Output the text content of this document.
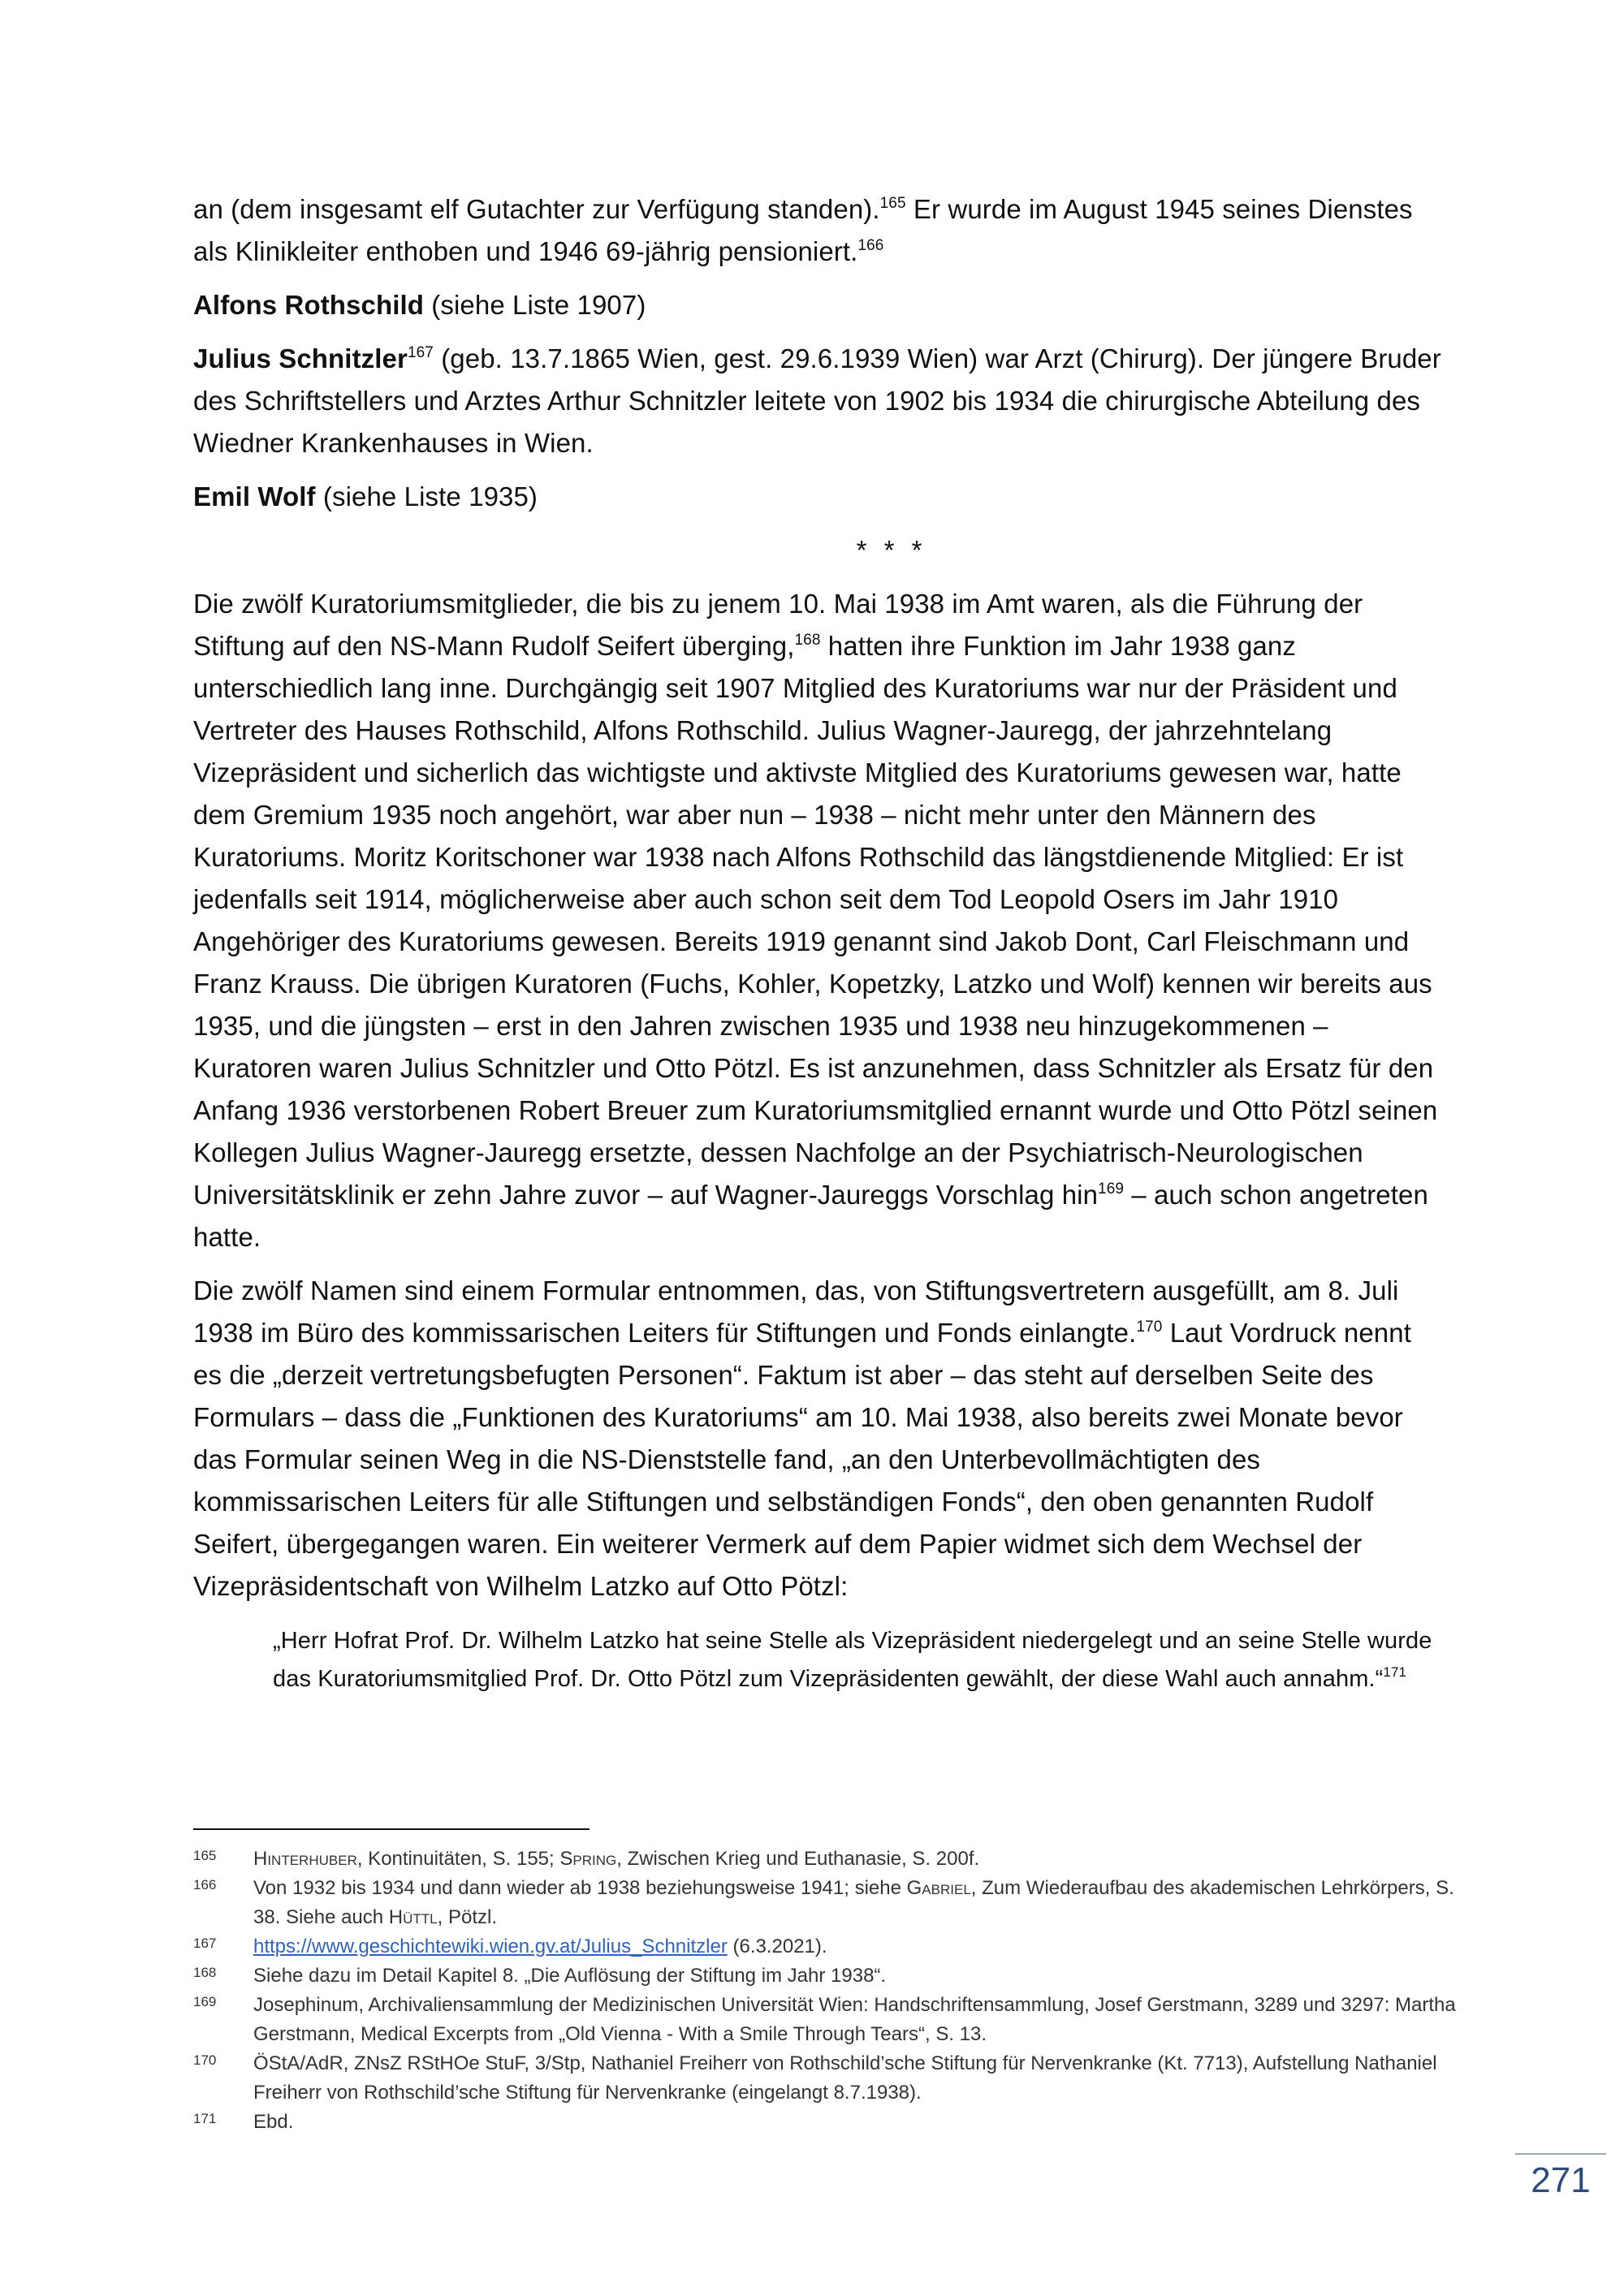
an (dem insgesamt elf Gutachter zur Verfügung standen).$^{165}$ Er wurde im August 1945 seines Dienstes als Klinikleiter enthoben und 1946 69-jährig pensioniert.$^{166}$

Alfons Rothschild (siehe Liste 1907)

Julius Schnitzler$^{167}$ (geb. 13.7.1865 Wien, gest. 29.6.1939 Wien) war Arzt (Chirurg). Der jüngere Bruder des Schriftstellers und Arztes Arthur Schnitzler leitete von 1902 bis 1934 die chirurgische Abteilung des Wiedner Krankenhauses in Wien.

Emil Wolf (siehe Liste 1935)

* * *

Die zwölf Kuratoriumsmitglieder, die bis zu jenem 10. Mai 1938 im Amt waren, als die Führung der Stiftung auf den NS-Mann Rudolf Seifert überging,$^{168}$ hatten ihre Funktion im Jahr 1938 ganz unterschiedlich lang inne. Durchgängig seit 1907 Mitglied des Kuratoriums war nur der Präsident und Vertreter des Hauses Rothschild, Alfons Rothschild. Julius Wagner-Jauregg, der jahrzehntelang Vizepräsident und sicherlich das wichtigste und aktivste Mitglied des Kuratoriums gewesen war, hatte dem Gremium 1935 noch angehört, war aber nun – 1938 – nicht mehr unter den Männern des Kuratoriums. Moritz Koritschoner war 1938 nach Alfons Rothschild das längstdienende Mitglied: Er ist jedenfalls seit 1914, möglicherweise aber auch schon seit dem Tod Leopold Osers im Jahr 1910 Angehöriger des Kuratoriums gewesen. Bereits 1919 genannt sind Jakob Dont, Carl Fleischmann und Franz Krauss. Die übrigen Kuratoren (Fuchs, Kohler, Kopetzky, Latzko und Wolf) kennen wir bereits aus 1935, und die jüngsten – erst in den Jahren zwischen 1935 und 1938 neu hinzugekommenen – Kuratoren waren Julius Schnitzler und Otto Pötzl. Es ist anzunehmen, dass Schnitzler als Ersatz für den Anfang 1936 verstorbenen Robert Breuer zum Kuratoriumsmitglied ernannt wurde und Otto Pötzl seinen Kollegen Julius Wagner-Jauregg ersetzte, dessen Nachfolge an der Psychiatrisch-Neurologischen Universitätsklinik er zehn Jahre zuvor – auf Wagner-Jaureggs Vorschlag hin$^{169}$ – auch schon angetreten hatte.

Die zwölf Namen sind einem Formular entnommen, das, von Stiftungsvertretern ausgefüllt, am 8. Juli 1938 im Büro des kommissarischen Leiters für Stiftungen und Fonds einlangte.$^{170}$ Laut Vordruck nennt es die „derzeit vertretungsbefugten Personen“. Faktum ist aber – das steht auf derselben Seite des Formulars – dass die „Funktionen des Kuratoriums“ am 10. Mai 1938, also bereits zwei Monate bevor das Formular seinen Weg in die NS-Dienststelle fand, „an den Unterbevollmächtigten des kommissarischen Leiters für alle Stiftungen und selbständigen Fonds“, den oben genannten Rudolf Seifert, übergegangen waren. Ein weiterer Vermerk auf dem Papier widmet sich dem Wechsel der Vizepräsidentschaft von Wilhelm Latzko auf Otto Pötzl:

„Herr Hofrat Prof. Dr. Wilhelm Latzko hat seine Stelle als Vizepräsident niedergelegt und an seine Stelle wurde das Kuratoriumsmitglied Prof. Dr. Otto Pötzl zum Vizepräsidenten gewählt, der diese Wahl auch annahm.“$^{171}$

165	Hinterhuber, Kontinuitäten, S. 155; Spring, Zwischen Krieg und Euthanasie, S. 200f.
166	Von 1932 bis 1934 und dann wieder ab 1938 beziehungsweise 1941; siehe Gabriel, Zum Wiederaufbau des akademischen Lehrkörpers, S. 38. Siehe auch Hüttl, Pötzl.
167	https://www.geschichtewiki.wien.gv.at/Julius_Schnitzler (6.3.2021).
168	Siehe dazu im Detail Kapitel 8. „Die Auflösung der Stiftung im Jahr 1938“.
169	Josephinum, Archivaliensammlung der Medizinischen Universität Wien: Handschriftensammlung, Josef Gerstmann, 3289 und 3297: Martha Gerstmann, Medical Excerpts from „Old Vienna - With a Smile Through Tears“, S. 13.
170	ÖStA/AdR, ZNsZ RStHOe StuF, 3/Stp, Nathaniel Freiherr von Rothschild’sche Stiftung für Nervenkranke (Kt. 7713), Aufstellung Nathaniel Freiherr von Rothschild’sche Stiftung für Nervenkranke (eingelangt 8.7.1938).
171	Ebd.
271
